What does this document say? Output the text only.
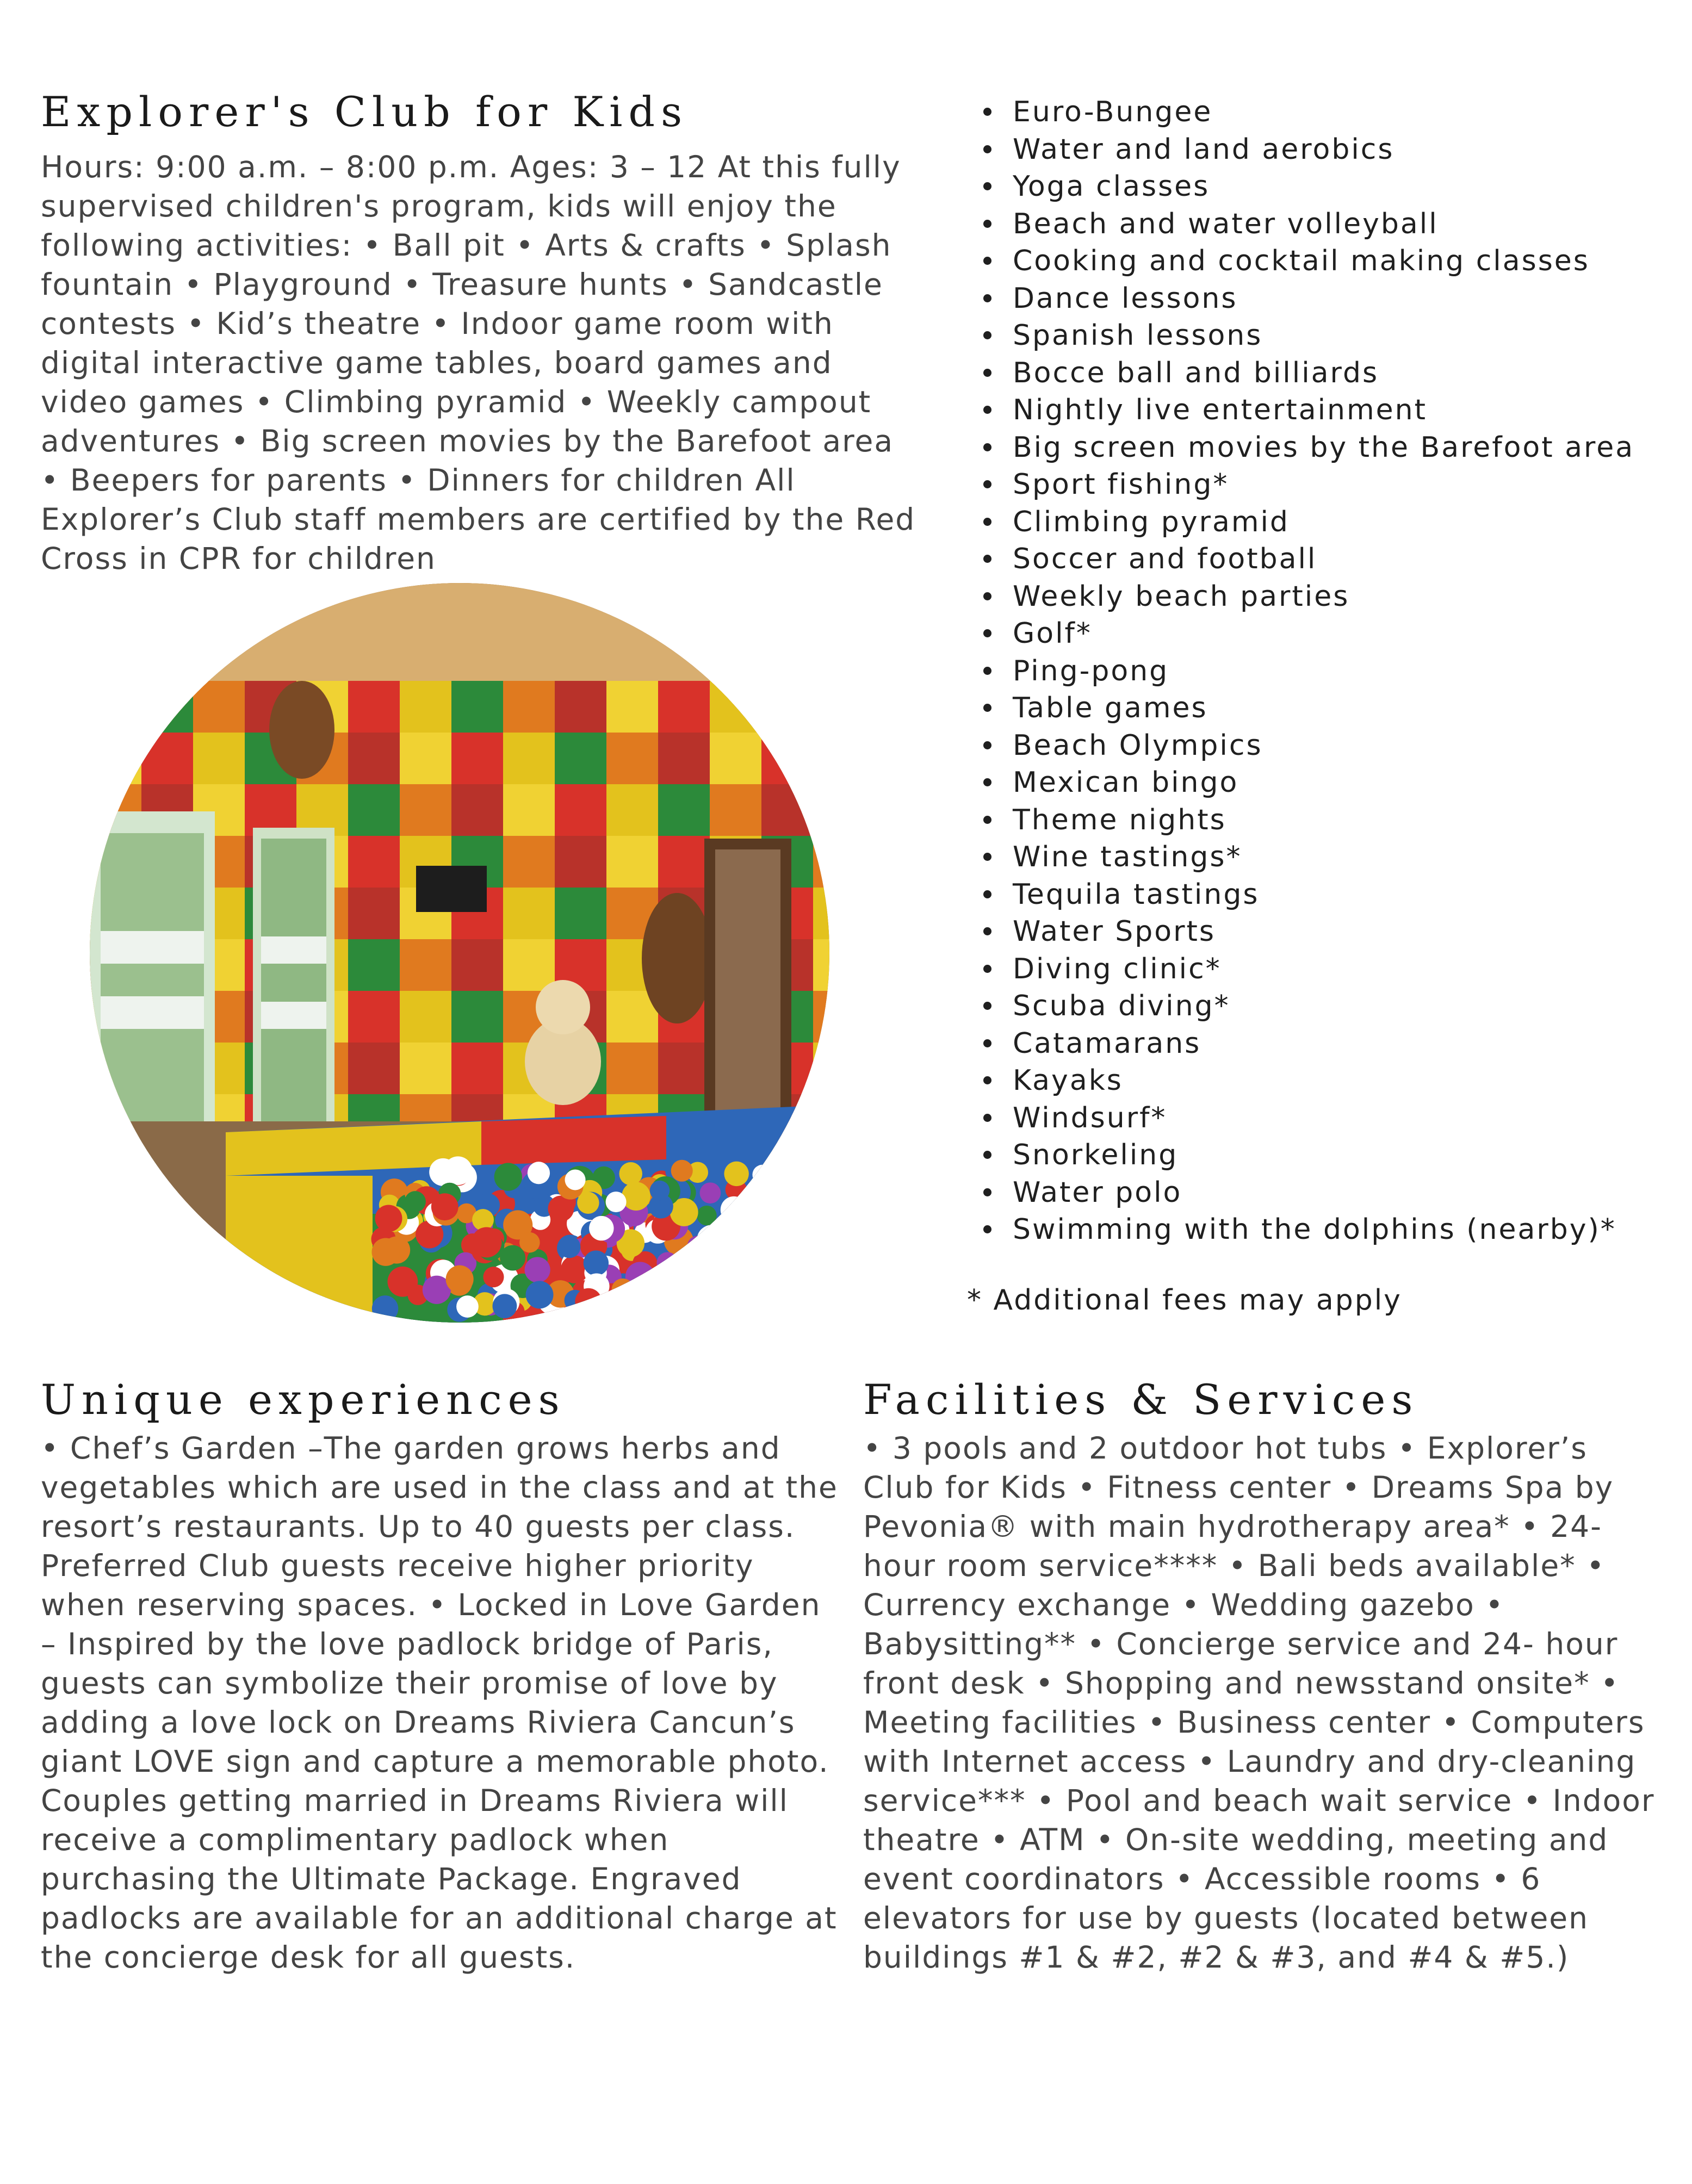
Explorer's Club for Kids

Hours: 9:00 a.m. – 8:00 p.m. Ages: 3 – 12 At this fully supervised children's program, kids will enjoy the following activities: • Ball pit • Arts & crafts • Splash fountain • Playground • Treasure hunts • Sandcastle contests • Kid’s theatre • Indoor game room with digital interactive game tables, board games and video games • Climbing pyramid • Weekly campout adventures • Big screen movies by the Barefoot area • Beepers for parents • Dinners for children All Explorer’s Club staff members are certified by the Red Cross in CPR for children

Euro-Bungee
Water and land aerobics
Yoga classes
Beach and water volleyball
Cooking and cocktail making classes
Dance lessons
Spanish lessons
Bocce ball and billiards
Nightly live entertainment
Big screen movies by the Barefoot area
Sport fishing*
Climbing pyramid
Soccer and football
Weekly beach parties
Golf*
Ping-pong
Table games
Beach Olympics
Mexican bingo
Theme nights
Wine tastings*
Tequila tastings
Water Sports
Diving clinic*
Scuba diving*
Catamarans
Kayaks
Windsurf*
Snorkeling
Water polo
Swimming with the dolphins (nearby)*

* Additional fees may apply

Unique experiences

• Chef’s Garden –The garden grows herbs and vegetables which are used in the class and at the resort’s restaurants. Up to 40 guests per class. Preferred Club guests receive higher priority when reserving spaces. • Locked in Love Garden – Inspired by the love padlock bridge of Paris, guests can symbolize their promise of love by adding a love lock on Dreams Riviera Cancun’s giant LOVE sign and capture a memorable photo. Couples getting married in Dreams Riviera will receive a complimentary padlock when purchasing the Ultimate Package. Engraved padlocks are available for an additional charge at the concierge desk for all guests.

Facilities & Services

• 3 pools and 2 outdoor hot tubs • Explorer’s Club for Kids • Fitness center • Dreams Spa by Pevonia® with main hydrotherapy area* • 24-hour room service**** • Bali beds available* • Currency exchange • Wedding gazebo • Babysitting** • Concierge service and 24- hour front desk • Shopping and newsstand onsite* • Meeting facilities • Business center • Computers with Internet access • Laundry and dry-cleaning service*** • Pool and beach wait service • Indoor theatre • ATM • On-site wedding, meeting and event coordinators • Accessible rooms • 6 elevators for use by guests (located between buildings #1 & #2, #2 & #3, and #4 & #5.)
